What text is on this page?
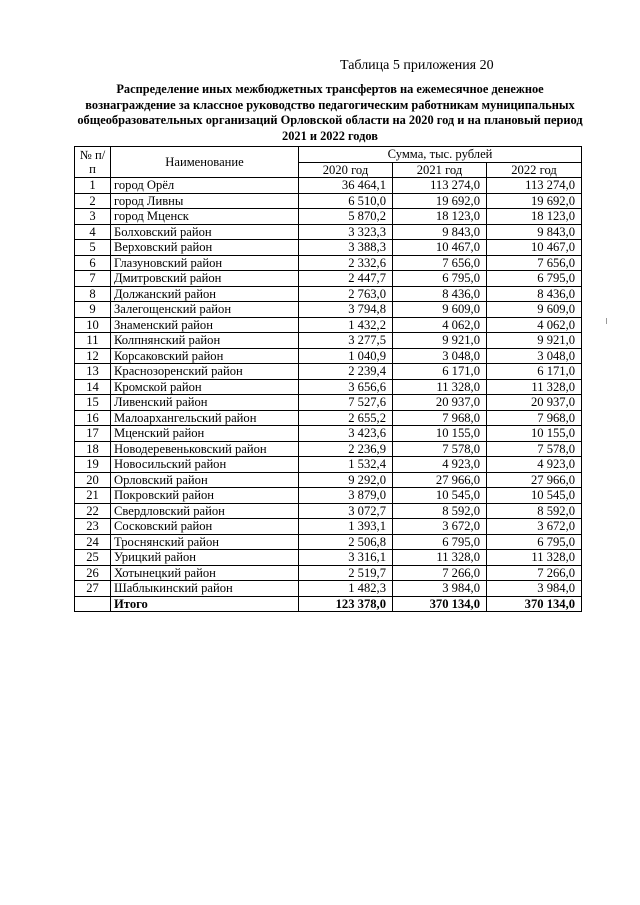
Таблица 5 приложения 20
Распределение иных межбюджетных трансфертов на ежемесячное денежное вознаграждение за классное руководство педагогическим работникам муниципальных общеобразовательных организаций Орловской области на 2020 год и на плановый период 2021 и 2022 годов
№ п/п	Наименование	Сумма, тыс. рублей		
		2020 год	2021 год	2022 год
1	город Орёл	36 464,1	113 274,0	113 274,0
2	город Ливны	6 510,0	19 692,0	19 692,0
3	город Мценск	5 870,2	18 123,0	18 123,0
4	Болховский район	3 323,3	9 843,0	9 843,0
5	Верховский район	3 388,3	10 467,0	10 467,0
6	Глазуновский район	2 332,6	7 656,0	7 656,0
7	Дмитровский район	2 447,7	6 795,0	6 795,0
8	Должанский район	2 763,0	8 436,0	8 436,0
9	Залегощенский район	3 794,8	9 609,0	9 609,0
10	Знаменский район	1 432,2	4 062,0	4 062,0
11	Колпнянский район	3 277,5	9 921,0	9 921,0
12	Корсаковский район	1 040,9	3 048,0	3 048,0
13	Краснозоренский район	2 239,4	6 171,0	6 171,0
14	Кромской район	3 656,6	11 328,0	11 328,0
15	Ливенский район	7 527,6	20 937,0	20 937,0
16	Малоархангельский район	2 655,2	7 968,0	7 968,0
17	Мценский район	3 423,6	10 155,0	10 155,0
18	Новодеревеньковский район	2 236,9	7 578,0	7 578,0
19	Новосильский район	1 532,4	4 923,0	4 923,0
20	Орловский район	9 292,0	27 966,0	27 966,0
21	Покровский район	3 879,0	10 545,0	10 545,0
22	Свердловский район	3 072,7	8 592,0	8 592,0
23	Сосковский район	1 393,1	3 672,0	3 672,0
24	Троснянский район	2 506,8	6 795,0	6 795,0
25	Урицкий район	3 316,1	11 328,0	11 328,0
26	Хотынецкий район	2 519,7	7 266,0	7 266,0
27	Шаблыкинский район	1 482,3	3 984,0	3 984,0
	Итого	123 378,0	370 134,0	370 134,0
